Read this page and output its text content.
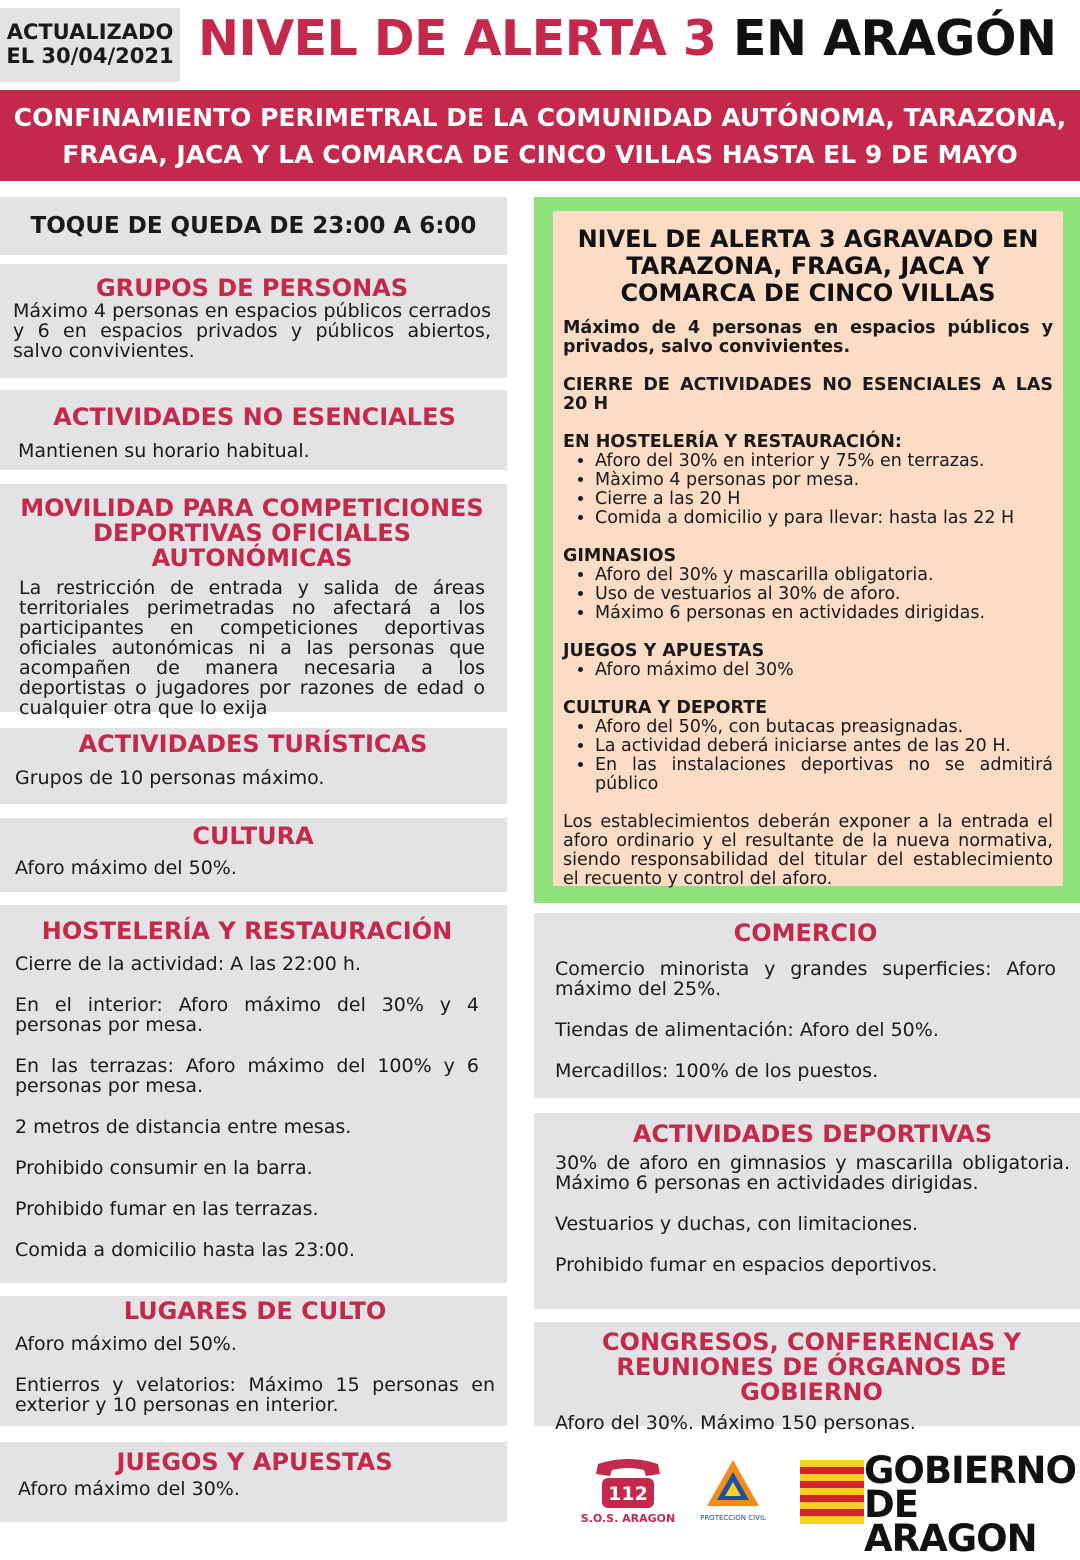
ACTUALIZADO
EL 30/04/2021 NIVEL DE ALERTA 3 EN ARAGÓN
CONFINAMIENTO PERIMETRAL DE LA COMUNIDAD AUTÓNOMA, TARAZONA,
FRAGA, JACA Y LA COMARCA DE CINCO VILLAS HASTA EL 9 DE MAYO
TOQUE DE QUEDA DE 23:00 A 6:00
GRUPOS DE PERSONAS

Máximo 4 personas en espacios públicos cerrados y 6 en espacios privados y públicos abiertos, salvo convivientes.

ACTIVIDADES NO ESENCIALES

Mantienen su horario habitual.

MOVILIDAD PARA COMPETICIONES
DEPORTIVAS OFICIALES AUTONÓMICAS

La restricción de entrada y salida de áreas territoriales perimetradas no afectará a los participantes en competiciones deportivas oficiales autonómicas ni a las personas que acompañen de manera necesaria a los deportistas o jugadores por razones de edad o cualquier otra que lo exija

ACTIVIDADES TURÍSTICAS

Grupos de 10 personas máximo.

CULTURA

Aforo máximo del 50%.

HOSTELERÍA Y RESTAURACIÓN

Cierre de la actividad: A las 22:00 h.

En el interior: Aforo máximo del 30% y 4 personas por mesa.

En las terrazas: Aforo máximo del 100% y 6 personas por mesa.

2 metros de distancia entre mesas.

Prohibido consumir en la barra.

Prohibido fumar en las terrazas.

Comida a domicilio hasta las 23:00.

LUGARES DE CULTO

Aforo máximo del 50%.

Entierros y velatorios: Máximo 15 personas en exterior y 10 personas en interior.

JUEGOS Y APUESTAS

Aforo máximo del 30%.

NIVEL DE ALERTA 3 AGRAVADO EN
TARAZONA, FRAGA, JACA Y
COMARCA DE CINCO VILLAS

Máximo de 4 personas en espacios públicos y privados, salvo convivientes.

CIERRE DE ACTIVIDADES NO ESENCIALES A LAS 20 H

EN HOSTELERÍA Y RESTAURACIÓN:

• Aforo del 30% en interior y 75% en terrazas.
• Màximo 4 personas por mesa.
• Cierre a las 20 H
• Comida a domicilio y para llevar: hasta las 22 H

GIMNASIOS

• Aforo del 30% y mascarilla obligatoria.
• Uso de vestuarios al 30% de aforo.
• Máximo 6 personas en actividades dirigidas.

JUEGOS Y APUESTAS

• Aforo máximo del 30%

CULTURA Y DEPORTE

• Aforo del 50%, con butacas preasignadas.
• La actividad deberá iniciarse antes de las 20 H.
• En las instalaciones deportivas no se admitirá público

Los establecimientos deberán exponer a la entrada el aforo ordinario y el resultante de la nueva normativa, siendo responsabilidad del titular del establecimiento el recuento y control del aforo.

COMERCIO

Comercio minorista y grandes superficies: Aforo máximo del 25%.

Tiendas de alimentación: Aforo del 50%.

Mercadillos: 100% de los puestos.

ACTIVIDADES DEPORTIVAS

30% de aforo en gimnasios y mascarilla obligatoria. Máximo 6 personas en actividades dirigidas.

Vestuarios y duchas, con limitaciones.

Prohibido fumar en espacios deportivos.

CONGRESOS, CONFERENCIAS Y
REUNIONES DE ÓRGANOS DE GOBIERNO

Aforo del 30%. Máximo 150 personas.

112
S.O.S. ARAGON	PROTECCION CIVIL
GOBIERNO
DE ARAGON
